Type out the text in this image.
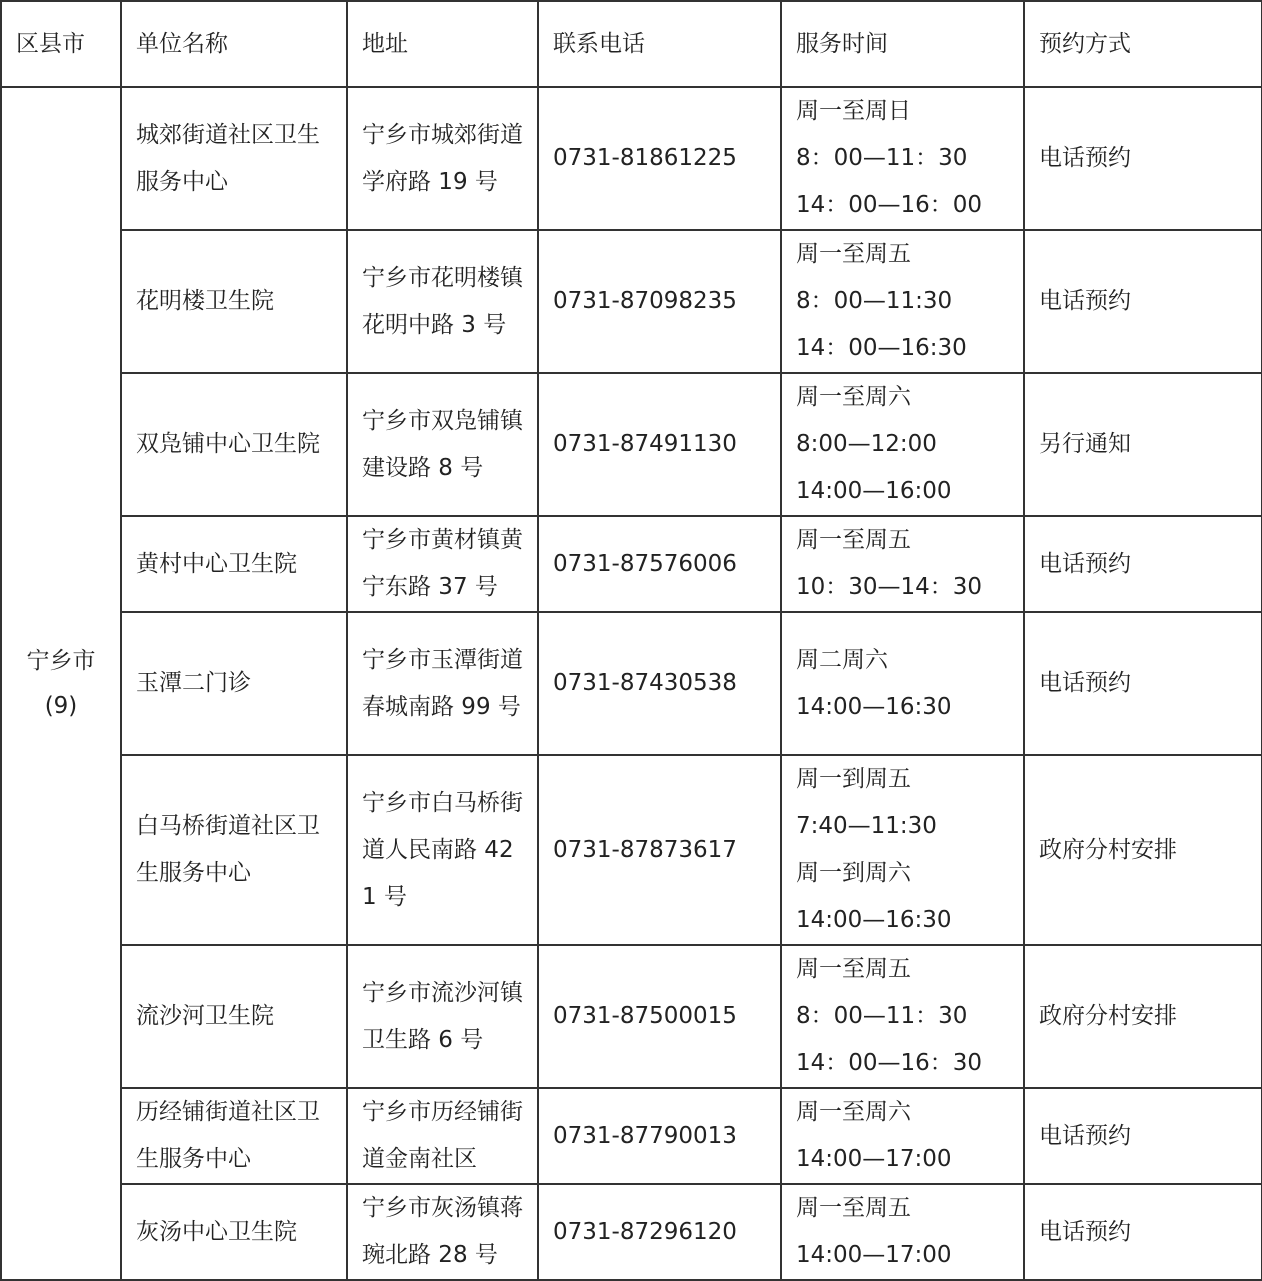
区县市	单位名称	地址	联系电话	服务时间	预约方式

宁乡市
(9)	城郊街道社区卫生服务中心	宁乡市城郊街道学府路 19 号	0731-81861225	周一至周日
8：00—11：30
14：00—16：00	电话预约
	花明楼卫生院	宁乡市花明楼镇花明中路 3 号	0731-87098235	周一至周五
8：00—11:30
14：00—16:30	电话预约
	双凫铺中心卫生院	宁乡市双凫铺镇建设路 8 号	0731-87491130	周一至周六
8:00—12:00
14:00—16:00	另行通知
	黄村中心卫生院	宁乡市黄材镇黄宁东路 37 号	0731-87576006	周一至周五
10：30—14：30	电话预约
	玉潭二门诊	宁乡市玉潭街道春城南路 99 号	0731-87430538	周二周六
14:00—16:30	电话预约
	白马桥街道社区卫生服务中心	宁乡市白马桥街道人民南路 421 号	0731-87873617	周一到周五
7:40—11:30
周一到周六
14:00—16:30	政府分村安排
	流沙河卫生院	宁乡市流沙河镇卫生路 6 号	0731-87500015	周一至周五
8：00—11：30
14：00—16：30	政府分村安排
	历经铺街道社区卫生服务中心	宁乡市历经铺街道金南社区	0731-87790013	周一至周六
14:00—17:00	电话预约
	灰汤中心卫生院	宁乡市灰汤镇蒋琬北路 28 号	0731-87296120	周一至周五
14:00—17:00	电话预约
